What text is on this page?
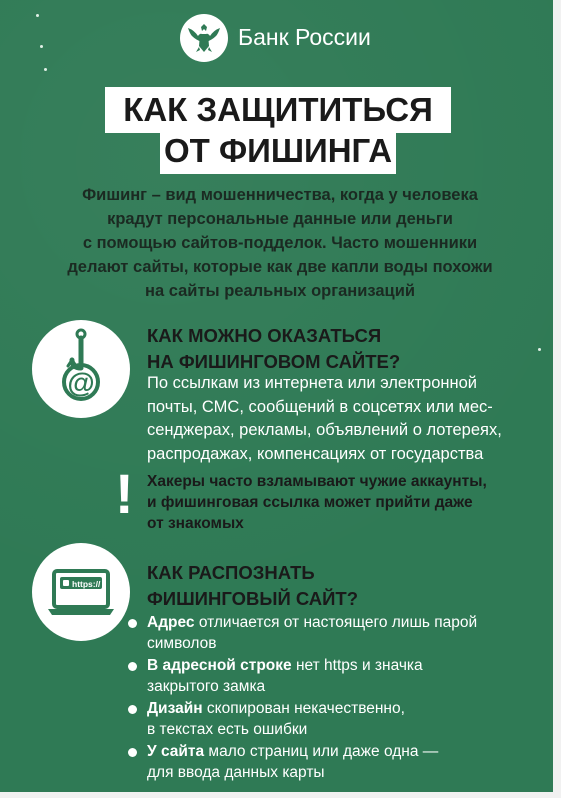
Банк России
КАК ЗАЩИТИТЬСЯ
ОТ ФИШИНГА
Фишинг – вид мошенничества, когда у человека
крадут персональные данные или деньги
с помощью сайтов-подделок. Часто мошенники
делают сайты, которые как две капли воды похожи
на сайты реальных организаций
@
КАК МОЖНО ОКАЗАТЬСЯ
НА ФИШИНГОВОМ САЙТЕ?
По ссылкам из интернета или электронной
почты, СМС, сообщений в соцсетях или мес-
сенджерах, рекламы, объявлений о лотереях,
распродажах, компенсациях от государства
! Хакеры часто взламывают чужие аккаунты,
и фишинговая ссылка может прийти даже
от знакомых
https://
КАК РАСПОЗНАТЬ
ФИШИНГОВЫЙ САЙТ?
Адрес отличается от настоящего лишь парой
символов
В адресной строке нет https и значка
закрытого замка
Дизайн скопирован некачественно,
в текстах есть ошибки
У сайта мало страниц или даже одна —
для ввода данных карты
